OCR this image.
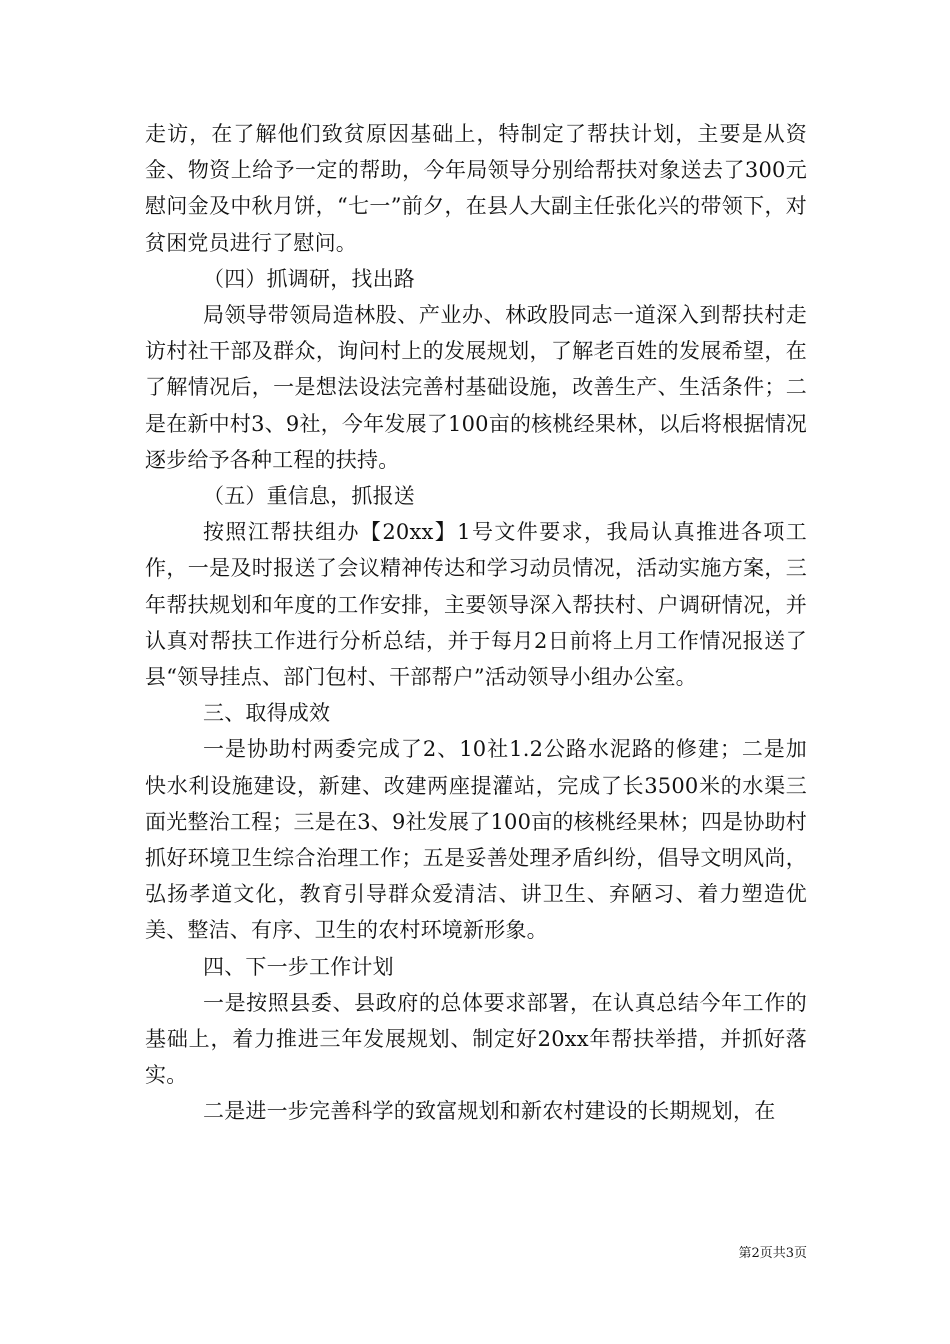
走访，在了解他们致贫原因基础上，特制定了帮扶计划，主要是从资金、物资上给予一定的帮助，今年局领导分别给帮扶对象送去了300元慰问金及中秋月饼，“七一”前夕，在县人大副主任张化兴的带领下，对贫困党员进行了慰问。

（四）抓调研，找出路

局领导带领局造林股、产业办、林政股同志一道深入到帮扶村走访村社干部及群众，询问村上的发展规划，了解老百姓的发展希望，在了解情况后，一是想法设法完善村基础设施，改善生产、生活条件；二是在新中村3、9社，今年发展了100亩的核桃经果林，以后将根据情况逐步给予各种工程的扶持。

（五）重信息，抓报送

按照江帮扶组办【20xx】1号文件要求，我局认真推进各项工作，一是及时报送了会议精神传达和学习动员情况，活动实施方案，三年帮扶规划和年度的工作安排，主要领导深入帮扶村、户调研情况，并认真对帮扶工作进行分析总结，并于每月2日前将上月工作情况报送了县“领导挂点、部门包村、干部帮户”活动领导小组办公室。

三、取得成效

一是协助村两委完成了2、10社1.2公路水泥路的修建；二是加快水利设施建设，新建、改建两座提灌站，完成了长3500米的水渠三面光整治工程；三是在3、9社发展了100亩的核桃经果林；四是协助村抓好环境卫生综合治理工作；五是妥善处理矛盾纠纷，倡导文明风尚，弘扬孝道文化，教育引导群众爱清洁、讲卫生、弃陋习、着力塑造优美、整洁、有序、卫生的农村环境新形象。

四、下一步工作计划

一是按照县委、县政府的总体要求部署，在认真总结今年工作的基础上，着力推进三年发展规划、制定好20xx年帮扶举措，并抓好落实。

二是进一步完善科学的致富规划和新农村建设的长期规划，在

第2页共3页
